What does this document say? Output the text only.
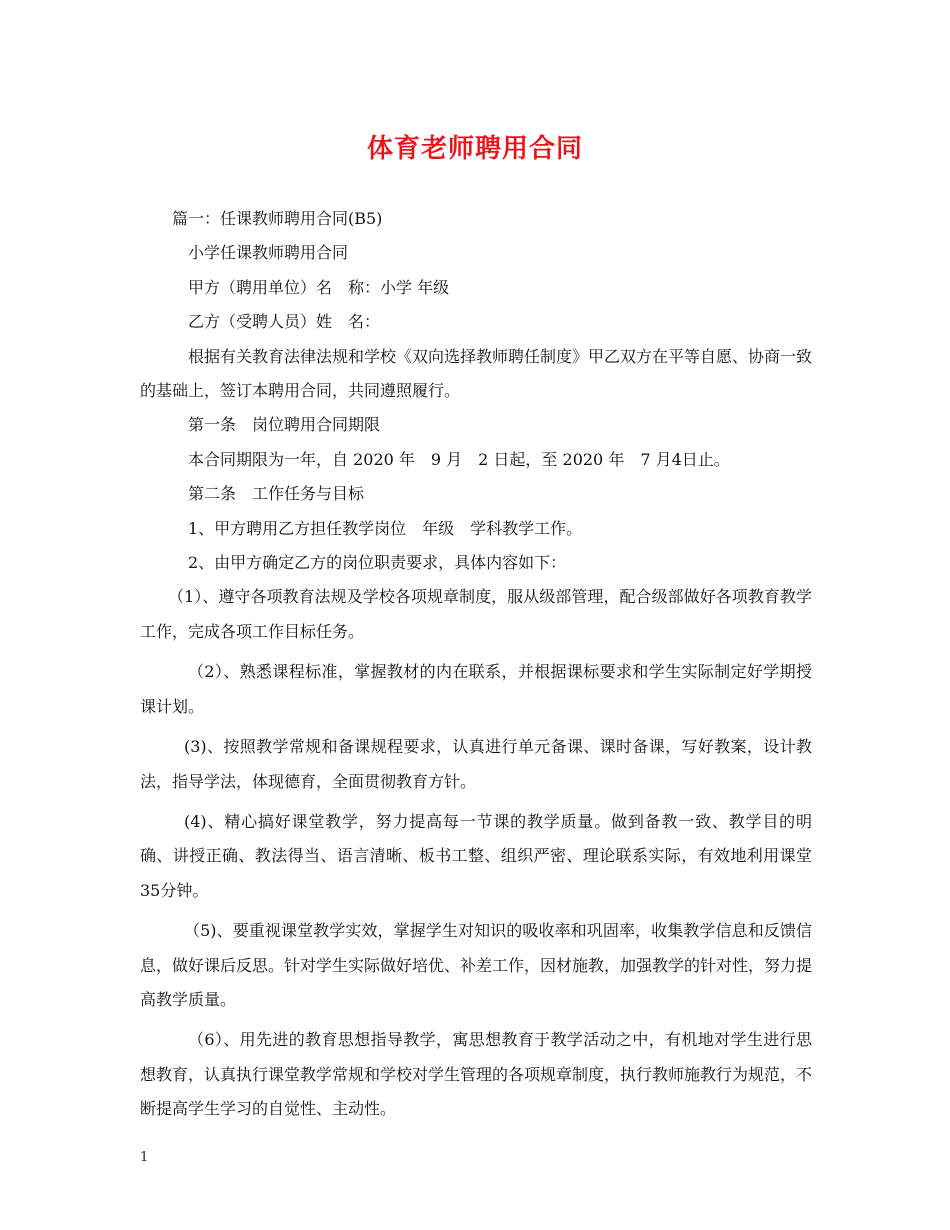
体育老师聘用合同

篇一：任课教师聘用合同(B5)

小学任课教师聘用合同

甲方（聘用单位）名　称：小学 年级

乙方（受聘人员）姓　名：

根据有关教育法律法规和学校《双向选择教师聘任制度》甲乙双方在平等自愿、协商一致的基础上，签订本聘用合同，共同遵照履行。

第一条　岗位聘用合同期限

本合同期限为一年，自 2020 年　9 月　2 日起，至 2020 年　7 月4日止。

第二条　工作任务与目标

1、甲方聘用乙方担任教学岗位　年级　学科教学工作。

2、由甲方确定乙方的岗位职责要求，具体内容如下：

（1）、遵守各项教育法规及学校各项规章制度，服从级部管理，配合级部做好各项教育教学工作，完成各项工作目标任务。

（2）、熟悉课程标准，掌握教材的内在联系，并根据课标要求和学生实际制定好学期授课计划。

(3)、按照教学常规和备课规程要求，认真进行单元备课、课时备课，写好教案，设计教法，指导学法，体现德育，全面贯彻教育方针。

(4)、精心搞好课堂教学，努力提高每一节课的教学质量。做到备教一致、教学目的明确、讲授正确、教法得当、语言清晰、板书工整、组织严密、理论联系实际，有效地利用课堂35分钟。

（5)、要重视课堂教学实效，掌握学生对知识的吸收率和巩固率，收集教学信息和反馈信息，做好课后反思。针对学生实际做好培优、补差工作，因材施教，加强教学的针对性，努力提高教学质量。

（6）、用先进的教育思想指导教学，寓思想教育于教学活动之中，有机地对学生进行思想教育，认真执行课堂教学常规和学校对学生管理的各项规章制度，执行教师施教行为规范，不断提高学生学习的自觉性、主动性。

1
